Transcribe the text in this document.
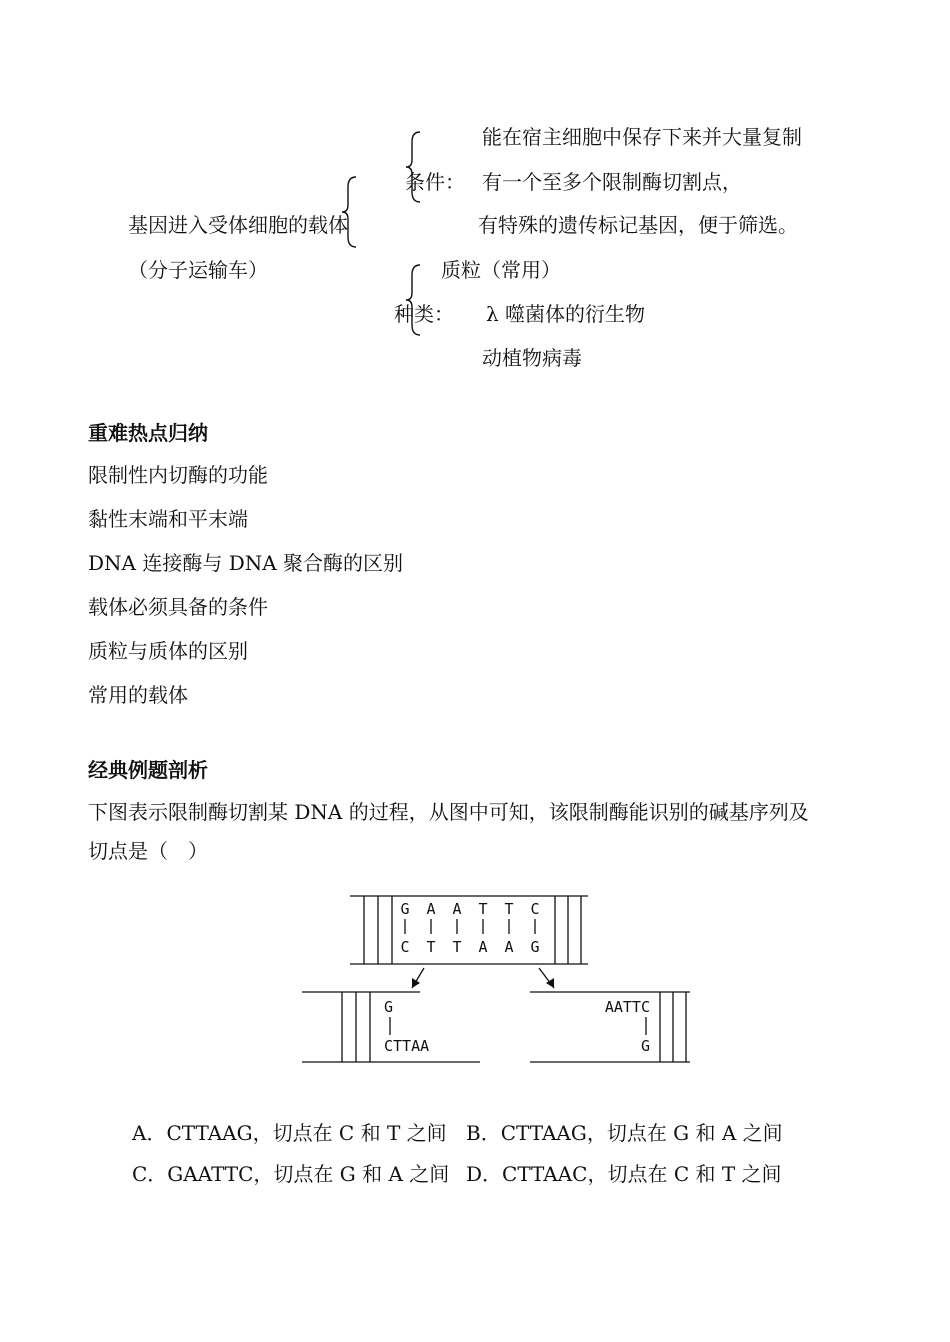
基因进入受体细胞的载体
（分子运输车）
条件：
能在宿主细胞中保存下来并大量复制
有一个至多个限制酶切割点，
有特殊的遗传标记基因，便于筛选。
种类：
质粒（常用）
λ 噬菌体的衍生物
动植物病毒
重难热点归纳
限制性内切酶的功能
黏性末端和平末端
DNA 连接酶与 DNA 聚合酶的区别
载体必须具备的条件
质粒与质体的区别
常用的载体
经典例题剖析
下图表示限制酶切割某 DNA 的过程，从图中可知，该限制酶能识别的碱基序列及
切点是（　）
G A A T T C
C T T A A G
G
CTTAA
AATTC
G
A．CTTAAG，切点在 C 和 T 之间 B．CTTAAG，切点在 G 和 A 之间
C．GAATTC，切点在 G 和 A 之间 D．CTTAAC，切点在 C 和 T 之间
